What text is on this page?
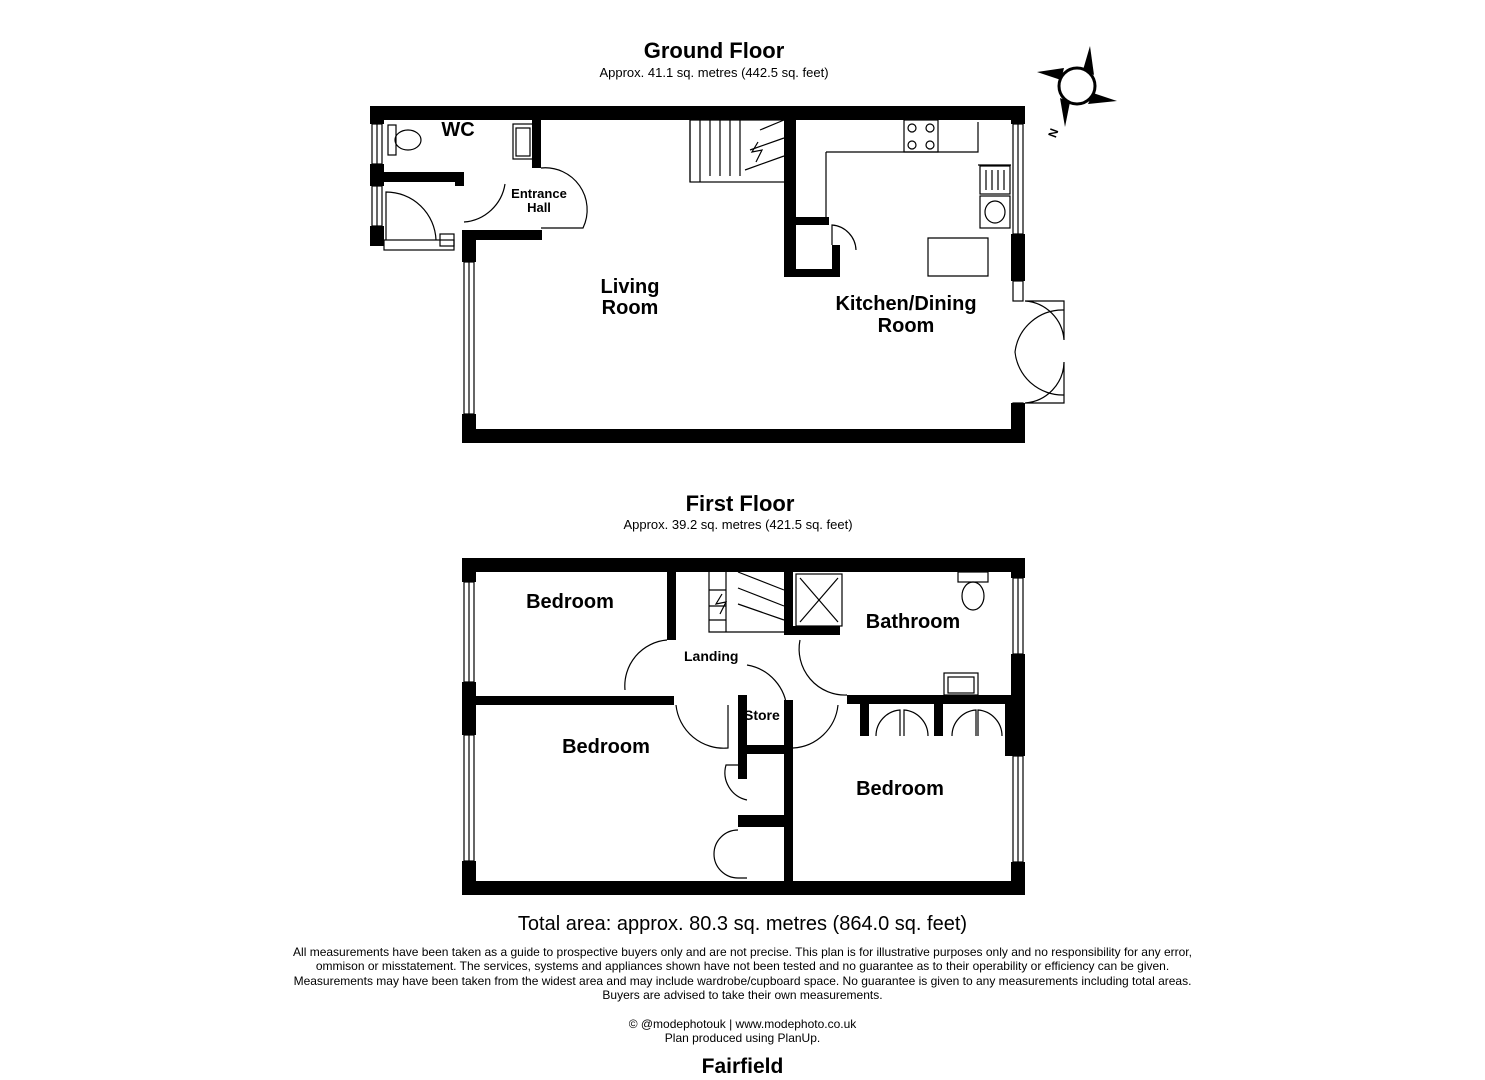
Ground Floor
Approx. 41.1 sq. metres (442.5 sq. feet)
N
WC
Entrance
Hall
Living
Room	Kitchen/Dining
Room
First Floor
Approx. 39.2 sq. metres (421.5 sq. feet)
Bedroom
Bedroom
Bedroom
Bathroom
Landing
Store
Total area: approx. 80.3 sq. metres (864.0 sq. feet)
All measurements have been taken as a guide to prospective buyers only and are not precise. This plan is for illustrative purposes only and no responsibility for any error,
ommison or misstatement. The services, systems and appliances shown have not been tested and no guarantee as to their operability or efficiency can be given.
Measurements may have been taken from the widest area and may include wardrobe/cupboard space. No guarantee is given to any measurements including total areas.
Buyers are advised to take their own measurements.
© @modephotouk | www.modephoto.co.uk
Plan produced using PlanUp.
Fairfield
